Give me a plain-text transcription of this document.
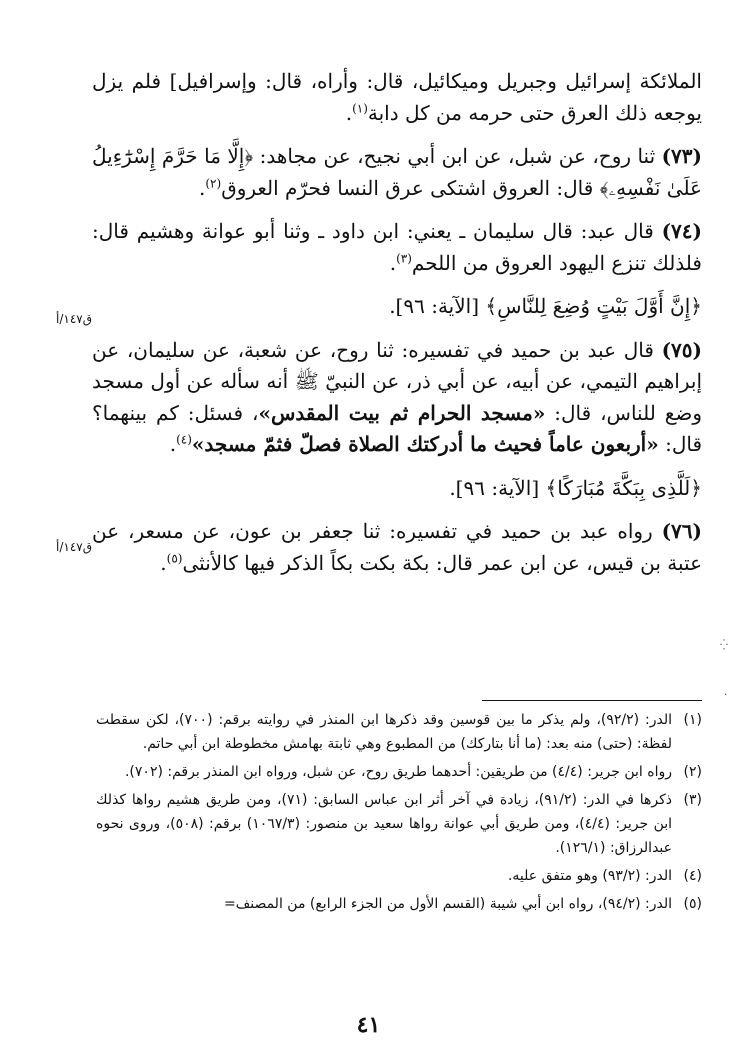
الملائكة إسرائيل وجبريل وميكائيل، قال: وأراه، قال: وإسرافيل] فلم يزل يوجعه ذلك العرق حتى حرمه من كل دابة$^{(١)}$.

(٧٣) ثنا روح، عن شبل، عن ابن أبي نجيح، عن مجاهد: ﴿إِلَّا مَا حَرَّمَ إِسْرَٰٓءِيلُ عَلَىٰ نَفْسِهِۦ﴾ قال: العروق اشتكى عرق النسا فحرّم العروق$^{(٢)}$.

(٧٤) قال عبد: قال سليمان ـ يعني: ابن داود ـ وثنا أبو عوانة وهشيم قال: فلذلك تنزع اليهود العروق من اللحم$^{(٣)}$.

﴿إِنَّ أَوَّلَ بَيْتٍ وُضِعَ لِلنَّاسِ﴾ [الآية: ٩٦].

(٧٥) قال عبد بن حميد في تفسيره: ثنا روح، عن شعبة، عن سليمان، عن إبراهيم التيمي، عن أبيه، عن أبي ذر، عن النبيّ ﷺ أنه سأله عن أول مسجد وضع للناس، قال: «مسجد الحرام ثم بيت المقدس»، فسئل: كم بينهما؟ قال: «أربعون عاماً فحيث ما أدركتك الصلاة فصلّ فثمّ مسجد»$^{(٤)}$.

﴿لَلَّذِى بِبَكَّةَ مُبَارَكًا﴾ [الآية: ٩٦].

(٧٦) رواه عبد بن حميد في تفسيره: ثنا جعفر بن عون، عن مسعر، عن عتبة بن قيس، عن ابن عمر قال: بكة بكت بكاً الذكر فيها كالأنثى$^{(٥)}$.

ق١٤٧/أ
ق١٤٧/أ
⁛
·
(١)
الدر: (٩٢/٢)، ولم يذكر ما بين قوسين وقد ذكرها ابن المنذر في روايته برقم: (٧٠٠)، لكن سقطت لفظة: (حتى) منه بعد: (ما أنا بتاركك) من المطبوع وهي ثابتة بهامش مخطوطة ابن أبي حاتم.
(٢)
رواه ابن جرير: (٤/٤) من طريقين: أحدهما طريق روح، عن شبل، ورواه ابن المنذر برقم: (٧٠٢).
(٣)
ذكرها في الدر: (٩١/٢)، زيادة في آخر أثر ابن عباس السابق: (٧١)، ومن طريق هشيم رواها كذلك ابن جرير: (٤/٤)، ومن طريق أبي عوانة رواها سعيد بن منصور: (١٠٦٧/٣) برقم: (٥٠٨)، وروى نحوه عبدالرزاق: (١٢٦/١).
(٤)
الدر: (٩٣/٢) وهو متفق عليه.
(٥)
الدر: (٩٤/٢)، رواه ابن أبي شيبة (القسم الأول من الجزء الرابع) من المصنف=
٤١
